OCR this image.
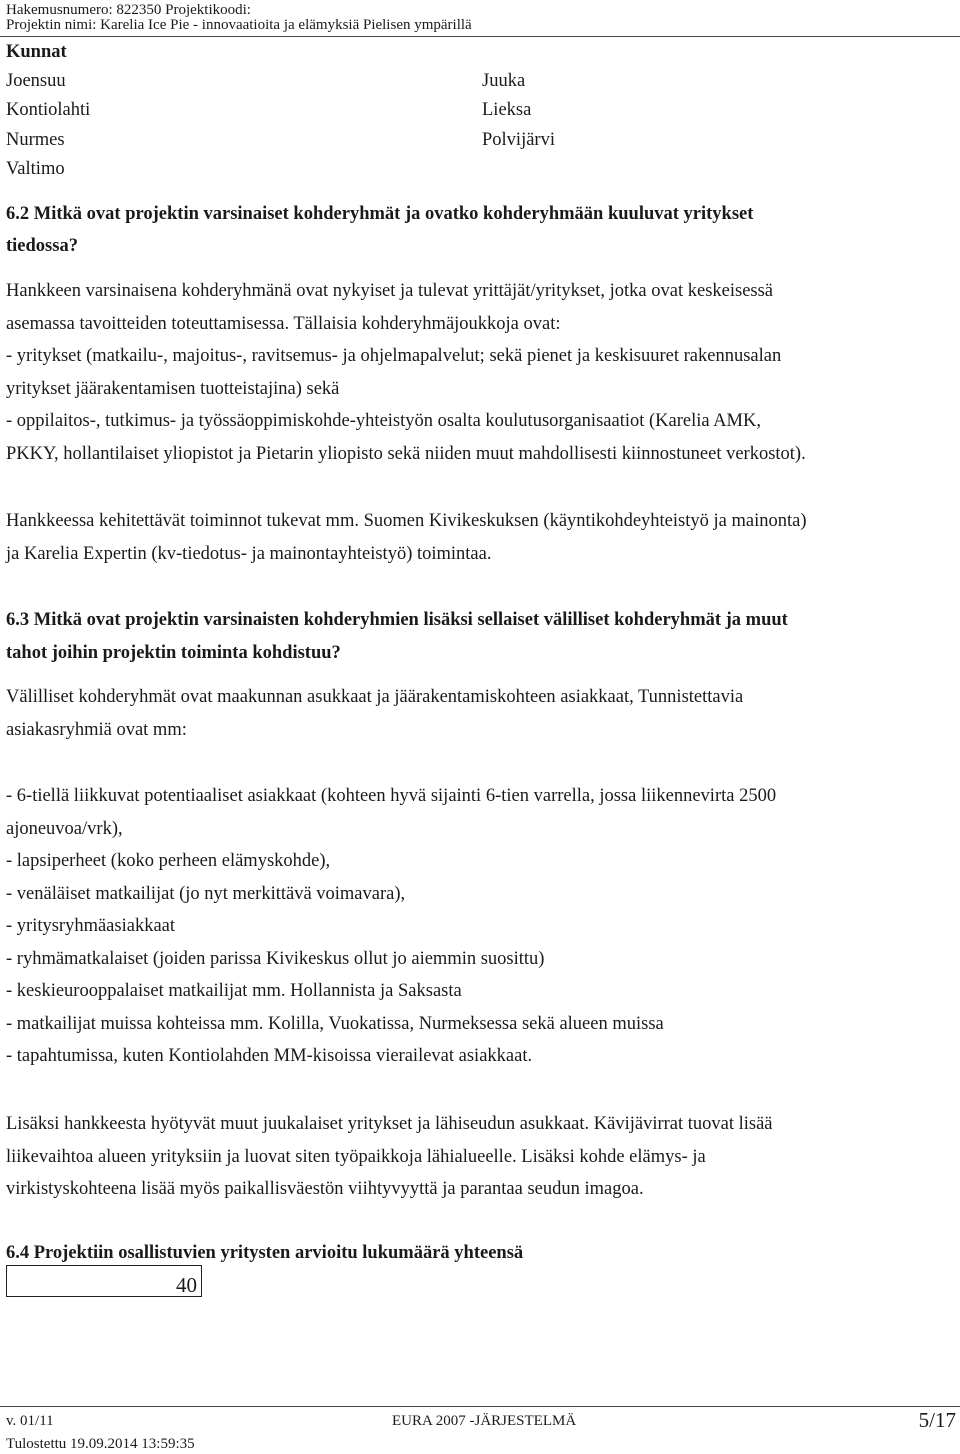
Hakemusnumero: 822350 Projektikoodi:
Projektin nimi: Karelia Ice Pie - innovaatioita ja elämyksiä Pielisen ympärillä
Kunnat
Joensuu
Kontiolahti
Nurmes
Valtimo
Juuka
Lieksa
Polvijärvi
6.2 Mitkä ovat projektin varsinaiset kohderyhmät ja ovatko kohderyhmään kuuluvat yritykset
tiedossa?
Hankkeen varsinaisena kohderyhmänä ovat nykyiset ja tulevat yrittäjät/yritykset, jotka ovat keskeisessä
asemassa tavoitteiden toteuttamisessa. Tällaisia kohderyhmäjoukkoja ovat:
- yritykset (matkailu-, majoitus-, ravitsemus- ja ohjelmapalvelut; sekä pienet ja keskisuuret rakennusalan
yritykset jäärakentamisen tuotteistajina) sekä
- oppilaitos-, tutkimus- ja työssäoppimiskohde-yhteistyön osalta koulutusorganisaatiot (Karelia AMK,
PKKY, hollantilaiset yliopistot ja Pietarin yliopisto sekä niiden muut mahdollisesti kiinnostuneet verkostot).
Hankkeessa kehitettävät toiminnot tukevat mm. Suomen Kivikeskuksen (käyntikohdeyhteistyö ja mainonta)
ja Karelia Expertin (kv-tiedotus- ja mainontayhteistyö) toimintaa.
6.3 Mitkä ovat projektin varsinaisten kohderyhmien lisäksi sellaiset välilliset kohderyhmät ja muut
tahot joihin projektin toiminta kohdistuu?
Välilliset kohderyhmät ovat maakunnan asukkaat ja jäärakentamiskohteen asiakkaat, Tunnistettavia
asiakasryhmiä ovat mm:
- 6-tiellä liikkuvat potentiaaliset asiakkaat (kohteen hyvä sijainti 6-tien varrella, jossa liikennevirta 2500
ajoneuvoa/vrk),
- lapsiperheet (koko perheen elämyskohde),
- venäläiset matkailijat (jo nyt merkittävä voimavara),
- yritysryhmäasiakkaat
- ryhmämatkalaiset (joiden parissa Kivikeskus ollut jo aiemmin suosittu)
- keskieurooppalaiset matkailijat mm. Hollannista ja Saksasta
- matkailijat muissa kohteissa mm. Kolilla, Vuokatissa, Nurmeksessa sekä alueen muissa
- tapahtumissa, kuten Kontiolahden MM-kisoissa vierailevat asiakkaat.
Lisäksi hankkeesta hyötyvät muut juukalaiset yritykset ja lähiseudun asukkaat. Kävijävirrat tuovat lisää
liikevaihtoa alueen yrityksiin ja luovat siten työpaikkoja lähialueelle. Lisäksi kohde elämys- ja
virkistyskohteena lisää myös paikallisväestön viihtyvyyttä ja parantaa seudun imagoa.
6.4 Projektiin osallistuvien yritysten arvioitu lukumäärä yhteensä
40
v. 01/11	EURA 2007 -JÄRJESTELMÄ	5/17
Tulostettu 19.09.2014 13:59:35
